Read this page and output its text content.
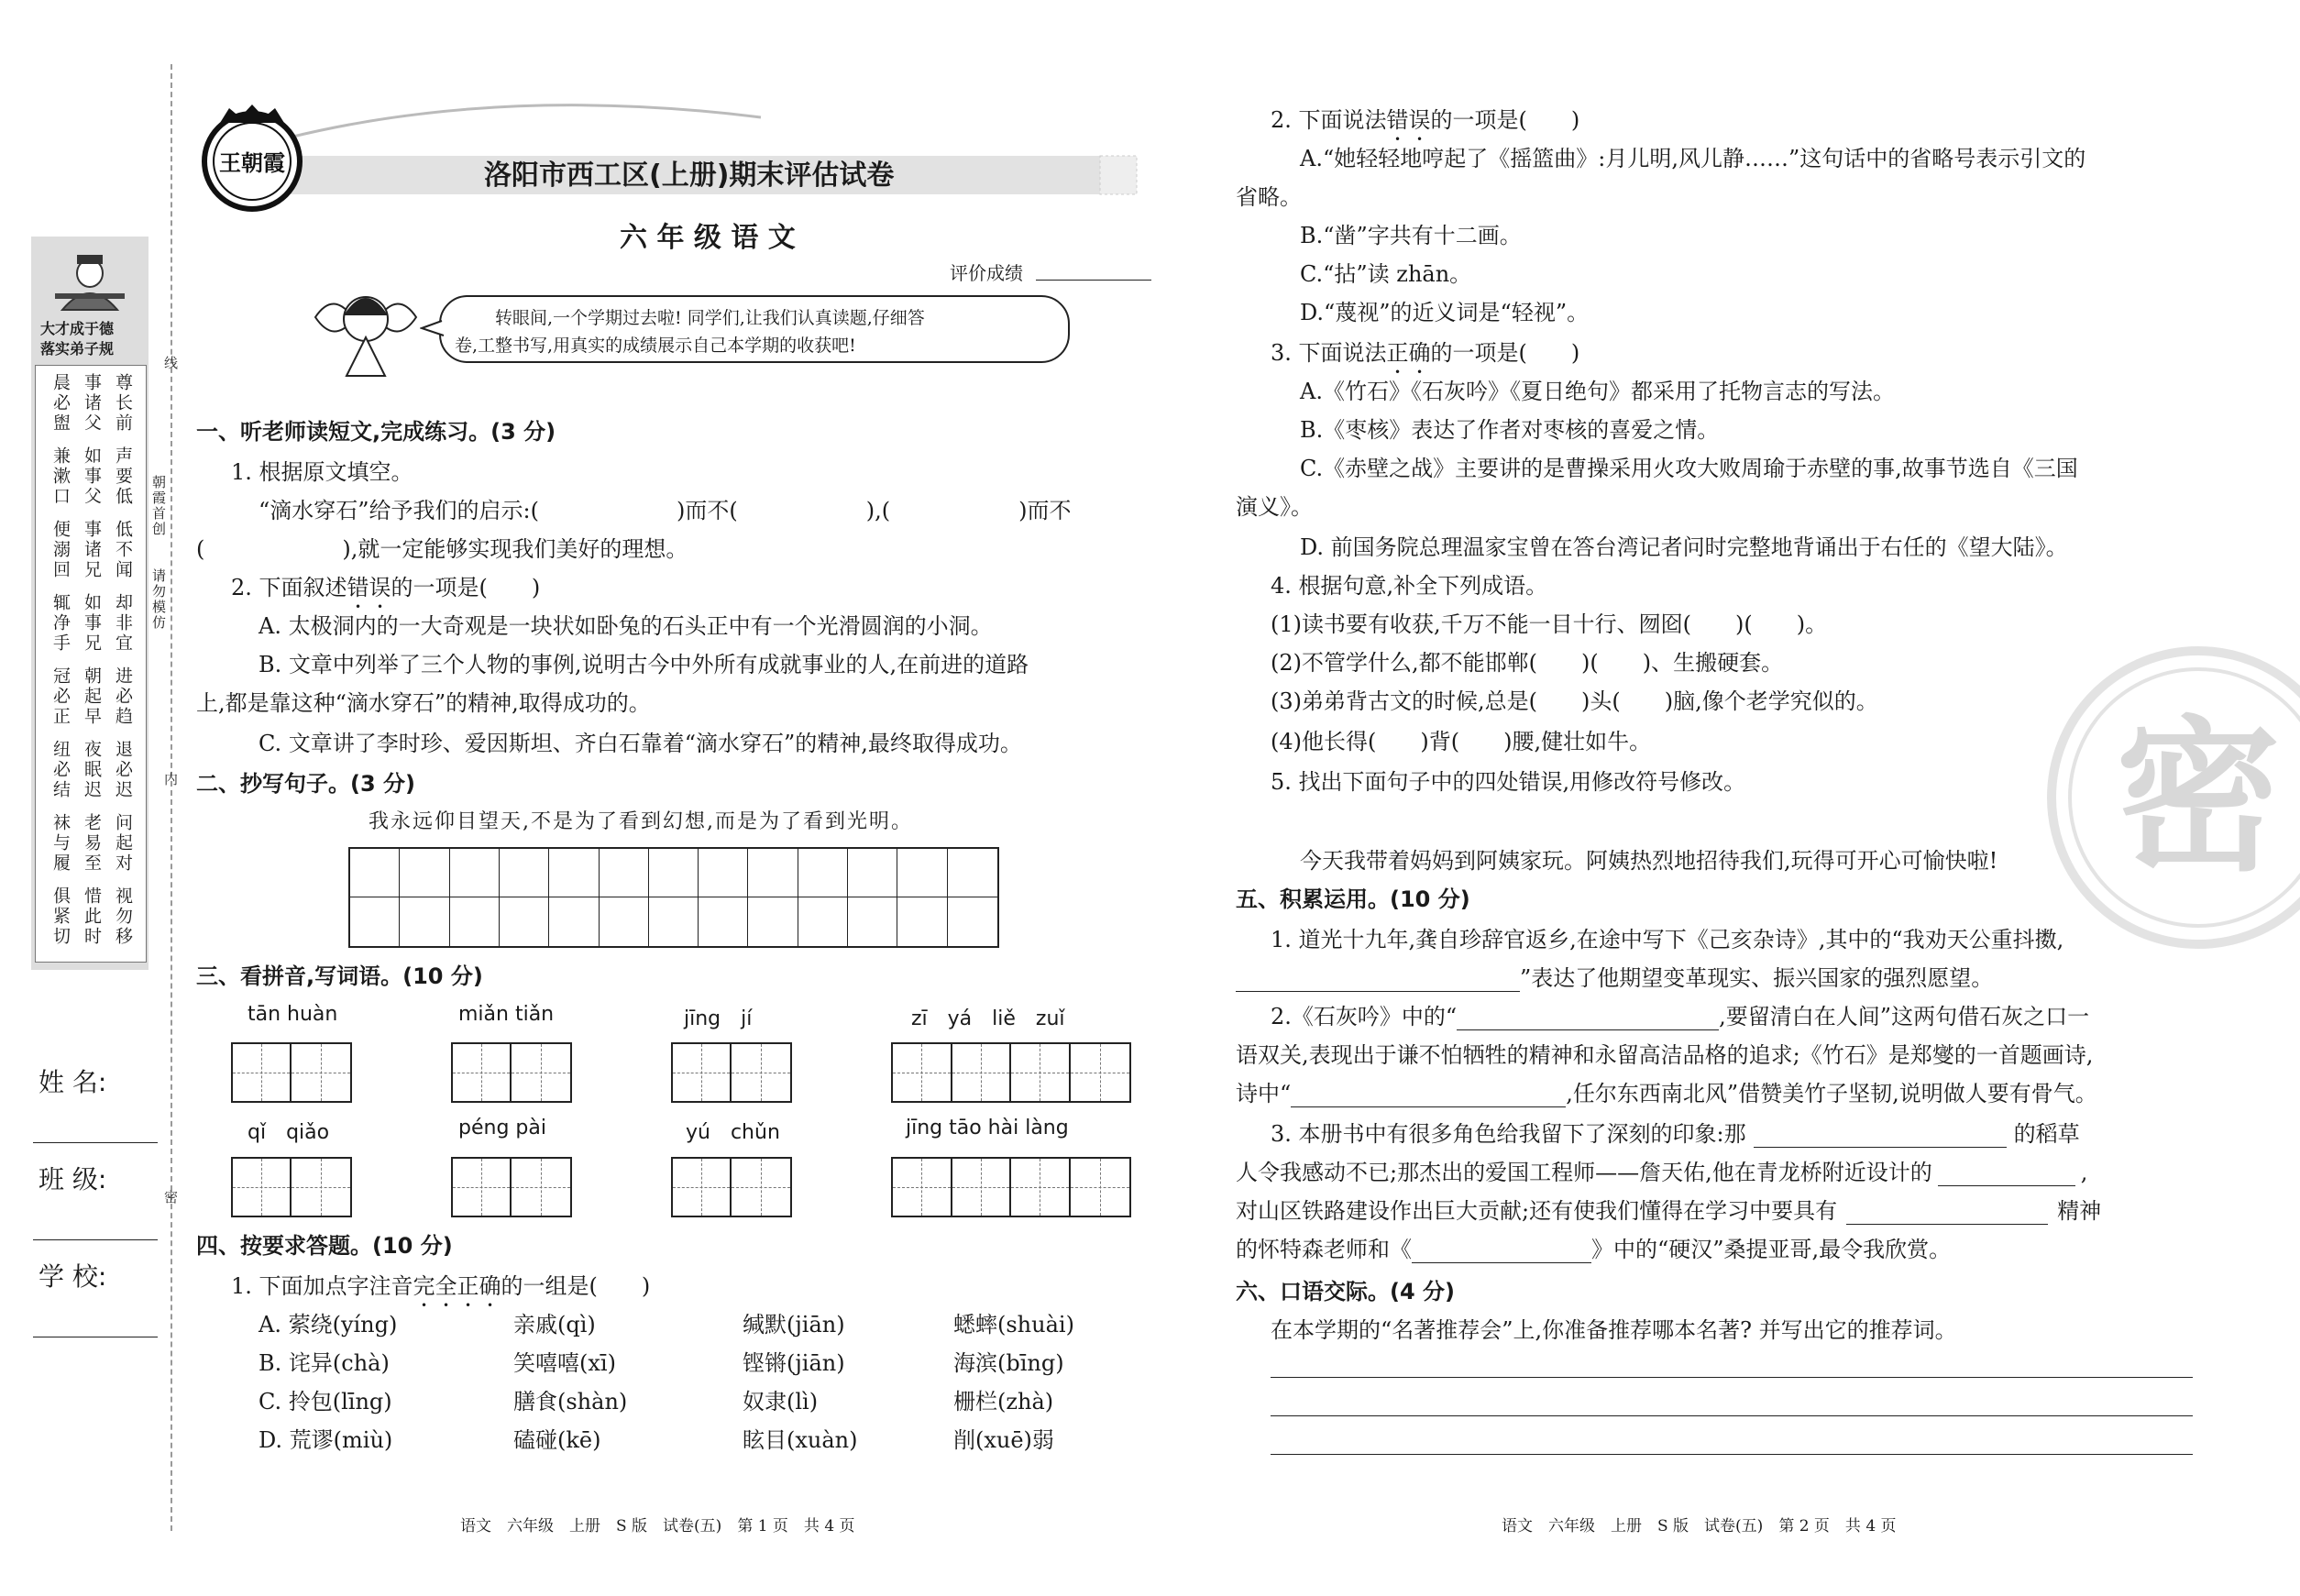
线
内
密
大才成于德
落实弟子规
晨必盥 事诸父 尊长前
兼漱口 如事父 声要低
便溺回 事诸兄 低不闻
辄净手 如事兄 却非宜
冠必正 朝起早 进必趋
纽必结 夜眠迟 退必迟
袜与履 老易至 问起对
俱紧切 惜此时 视勿移
朝霞首创
请勿模仿
姓 名:
班 级:
学 校:
王朝霞	洛阳市西工区(上册)期末评估试卷
六 年 级 语 文
评价成绩
转眼间,一个学期过去啦! 同学们,让我们认真读题,仔细答
卷,工整书写,用真实的成绩展示自己本学期的收获吧!
一、听老师读短文,完成练习。(3 分)
1. 根据原文填空。
“滴水穿石”给予我们的启示:(	)而不(	),(	)而不
(	),就一定能够实现我们美好的理想。
2. 下面叙述错误的一项是(　　)
A. 太极洞内的一大奇观是一块状如卧兔的石头正中有一个光滑圆润的小洞。
B. 文章中列举了三个人物的事例,说明古今中外所有成就事业的人,在前进的道路
上,都是靠这种“滴水穿石”的精神,取得成功的。
C. 文章讲了李时珍、爱因斯坦、齐白石靠着“滴水穿石”的精神,最终取得成功。
二、抄写句子。(3 分)
我永远仰目望天,不是为了看到幻想,而是为了看到光明。
三、看拼音,写词语。(10 分)
tān huàn	miǎn tiǎn	jīng　jí	zī　yá　liě　zuǐ
qǐ　qiǎo	péng pài	yú　chǔn	jīng tāo hài làng
四、按要求答题。(10 分)
1. 下面加点字注音完全正确的一组是(　　)
A. 萦绕(yíng)	亲戚(qì)	缄默(jiān)	蟋蟀(shuài)
B. 诧异(chà)	笑嘻嘻(xī)	铿锵(jiān)	海滨(bīng)
C. 拎包(līng)	膳食(shàn)	奴隶(lì)	栅栏(zhà)
D. 荒谬(miù)	磕碰(kē)	眩目(xuàn)	削(xuē)弱
语文　六年级　上册　S 版　试卷(五)　第 1 页　共 4 页
2. 下面说法错误的一项是(　　)
A.“她轻轻地哼起了《摇篮曲》:月儿明,风儿静……”这句话中的省略号表示引文的
省略。
B.“凿”字共有十二画。
C.“拈”读 zhān。
D.“蔑视”的近义词是“轻视”。
3. 下面说法正确的一项是(　　)
A.《竹石》《石灰吟》《夏日绝句》都采用了托物言志的写法。
B.《枣核》表达了作者对枣核的喜爱之情。
C.《赤壁之战》主要讲的是曹操采用火攻大败周瑜于赤壁的事,故事节选自《三国
演义》。
D. 前国务院总理温家宝曾在答台湾记者问时完整地背诵出于右任的《望大陆》。
4. 根据句意,补全下列成语。
(1)读书要有收获,千万不能一目十行、囫囵(　　)(　　)。
(2)不管学什么,都不能邯郸(　　)(　　)、生搬硬套。
(3)弟弟背古文的时候,总是(　　)头(　　)脑,像个老学究似的。
(4)他长得(　　)背(　　)腰,健壮如牛。
5. 找出下面句子中的四处错误,用修改符号修改。
今天我带着妈妈到阿姨家玩。阿姨热烈地招待我们,玩得可开心可愉快啦!
五、积累运用。(10 分)
1. 道光十九年,龚自珍辞官返乡,在途中写下《己亥杂诗》,其中的“我劝天公重抖擞,
”表达了他期望变革现实、振兴国家的强烈愿望。
2.《石灰吟》中的“	,要留清白在人间”这两句借石灰之口一
语双关,表现出于谦不怕牺牲的精神和永留高洁品格的追求;《竹石》是郑燮的一首题画诗,
诗中“	,任尔东西南北风”借赞美竹子坚韧,说明做人要有骨气。
3. 本册书中有很多角色给我留下了深刻的印象:那	的稻草
人令我感动不已;那杰出的爱国工程师——詹天佑,他在青龙桥附近设计的	,
对山区铁路建设作出巨大贡献;还有使我们懂得在学习中要具有	精神
的怀特森老师和《	》中的“硬汉”桑提亚哥,最令我欣赏。
六、口语交际。(4 分)
在本学期的“名著推荐会”上,你准备推荐哪本名著? 并写出它的推荐词。
语文　六年级　上册　S 版　试卷(五)　第 2 页　共 4 页
密
